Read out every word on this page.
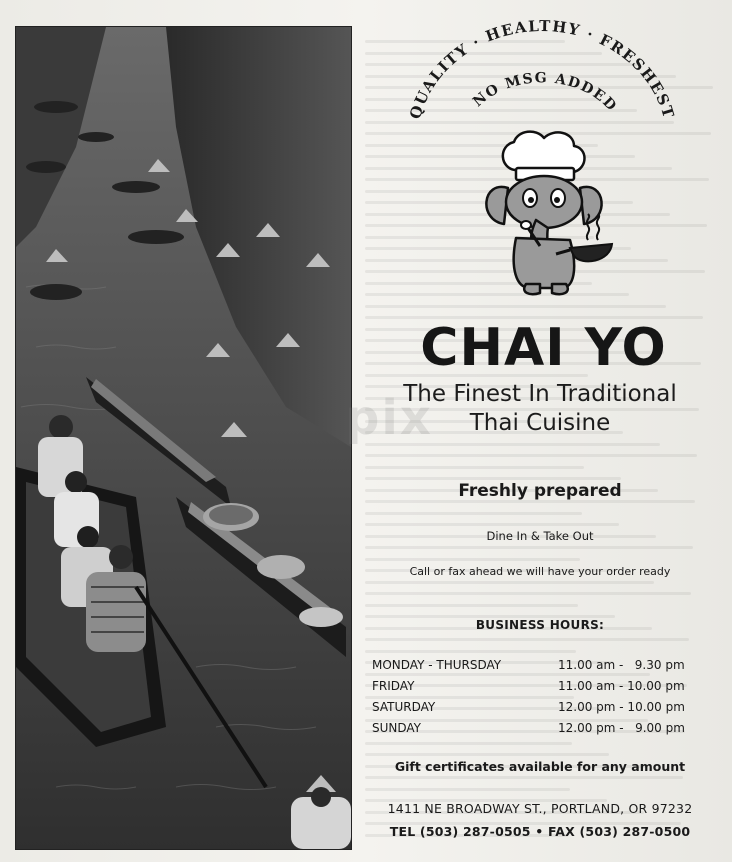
QUALITY · HEALTHY · FRESHEST
NO MSG ADDED
CHAI YO
The Finest In Traditional
Thai Cuisine
Freshly prepared
Dine In & Take Out
Call or fax ahead we will have your order ready
BUSINESS HOURS:
MONDAY - THURSDAY	11.00 am -   9.30 pm
FRIDAY	11.00 am - 10.00 pm
SATURDAY	12.00 pm - 10.00 pm
SUNDAY	12.00 pm -   9.00 pm
Gift certificates available for any amount
1411 NE BROADWAY ST., PORTLAND, OR 97232
TEL (503) 287-0505 • FAX (503) 287-0500
